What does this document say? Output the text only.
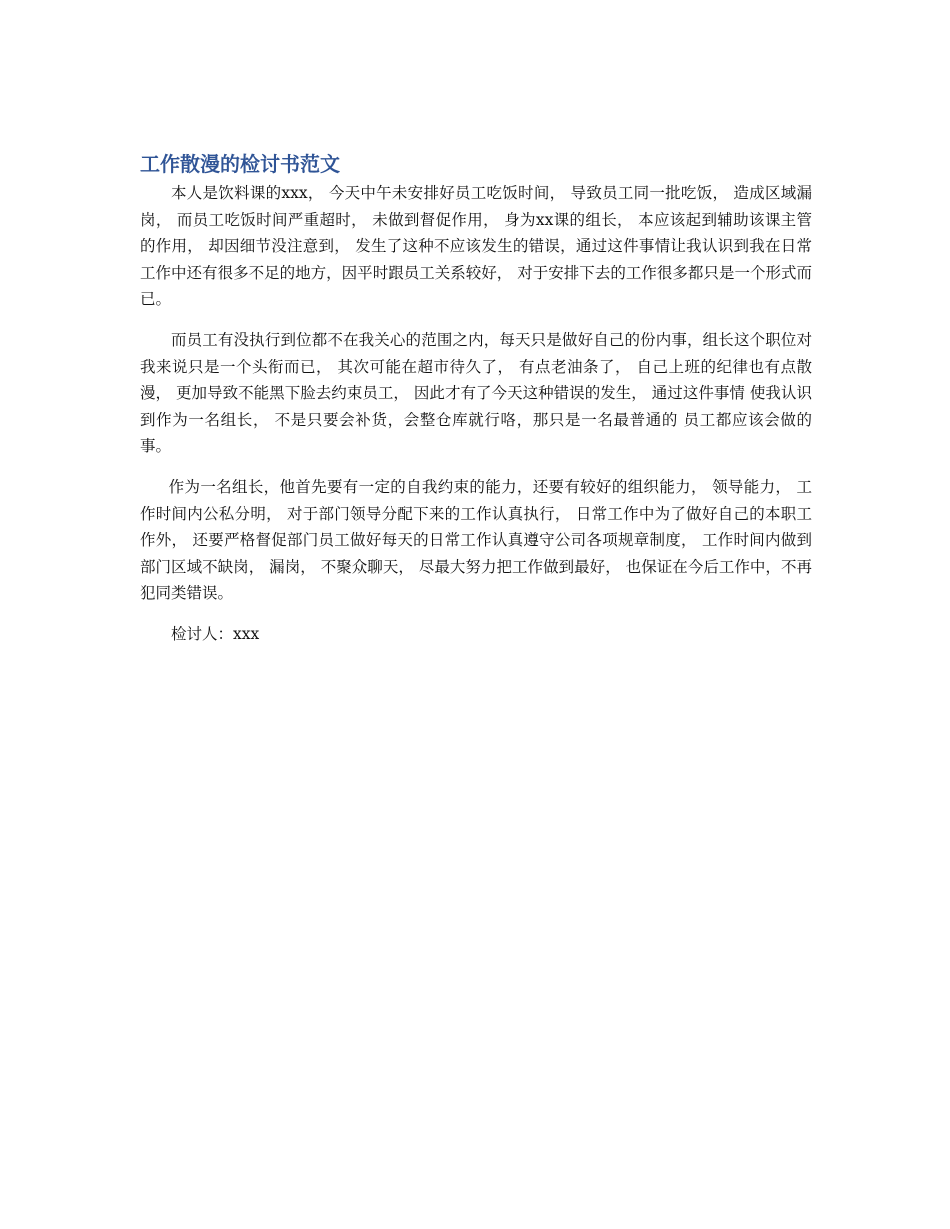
工作散漫的检讨书范文

本人是饮料课的xxx， 今天中午未安排好员工吃饭时间， 导致员工同一批吃饭， 造成区域漏岗， 而员工吃饭时间严重超时， 未做到督促作用， 身为xx课的组长， 本应该起到辅助该课主管的作用， 却因细节没注意到， 发生了这种不应该发生的错误，通过这件事情让我认识到我在日常工作中还有很多不足的地方，因平时跟员工关系较好， 对于安排下去的工作很多都只是一个形式而已。

而员工有没执行到位都不在我关心的范围之内，每天只是做好自己的份内事，组长这个职位对我来说只是一个头衔而已， 其次可能在超市待久了， 有点老油条了， 自己上班的纪律也有点散漫， 更加导致不能黑下脸去约束员工， 因此才有了今天这种错误的发生， 通过这件事情 使我认识到作为一名组长， 不是只要会补货，会整仓库就行咯，那只是一名最普通的 员工都应该会做的事。

作为一名组长，他首先要有一定的自我约束的能力，还要有较好的组织能力， 领导能力， 工作时间内公私分明， 对于部门领导分配下来的工作认真执行， 日常工作中为了做好自己的本职工作外， 还要严格督促部门员工做好每天的日常工作认真遵守公司各项规章制度， 工作时间内做到部门区域不缺岗， 漏岗， 不聚众聊天， 尽最大努力把工作做到最好， 也保证在今后工作中，不再犯同类错误。

检讨人：xxx
